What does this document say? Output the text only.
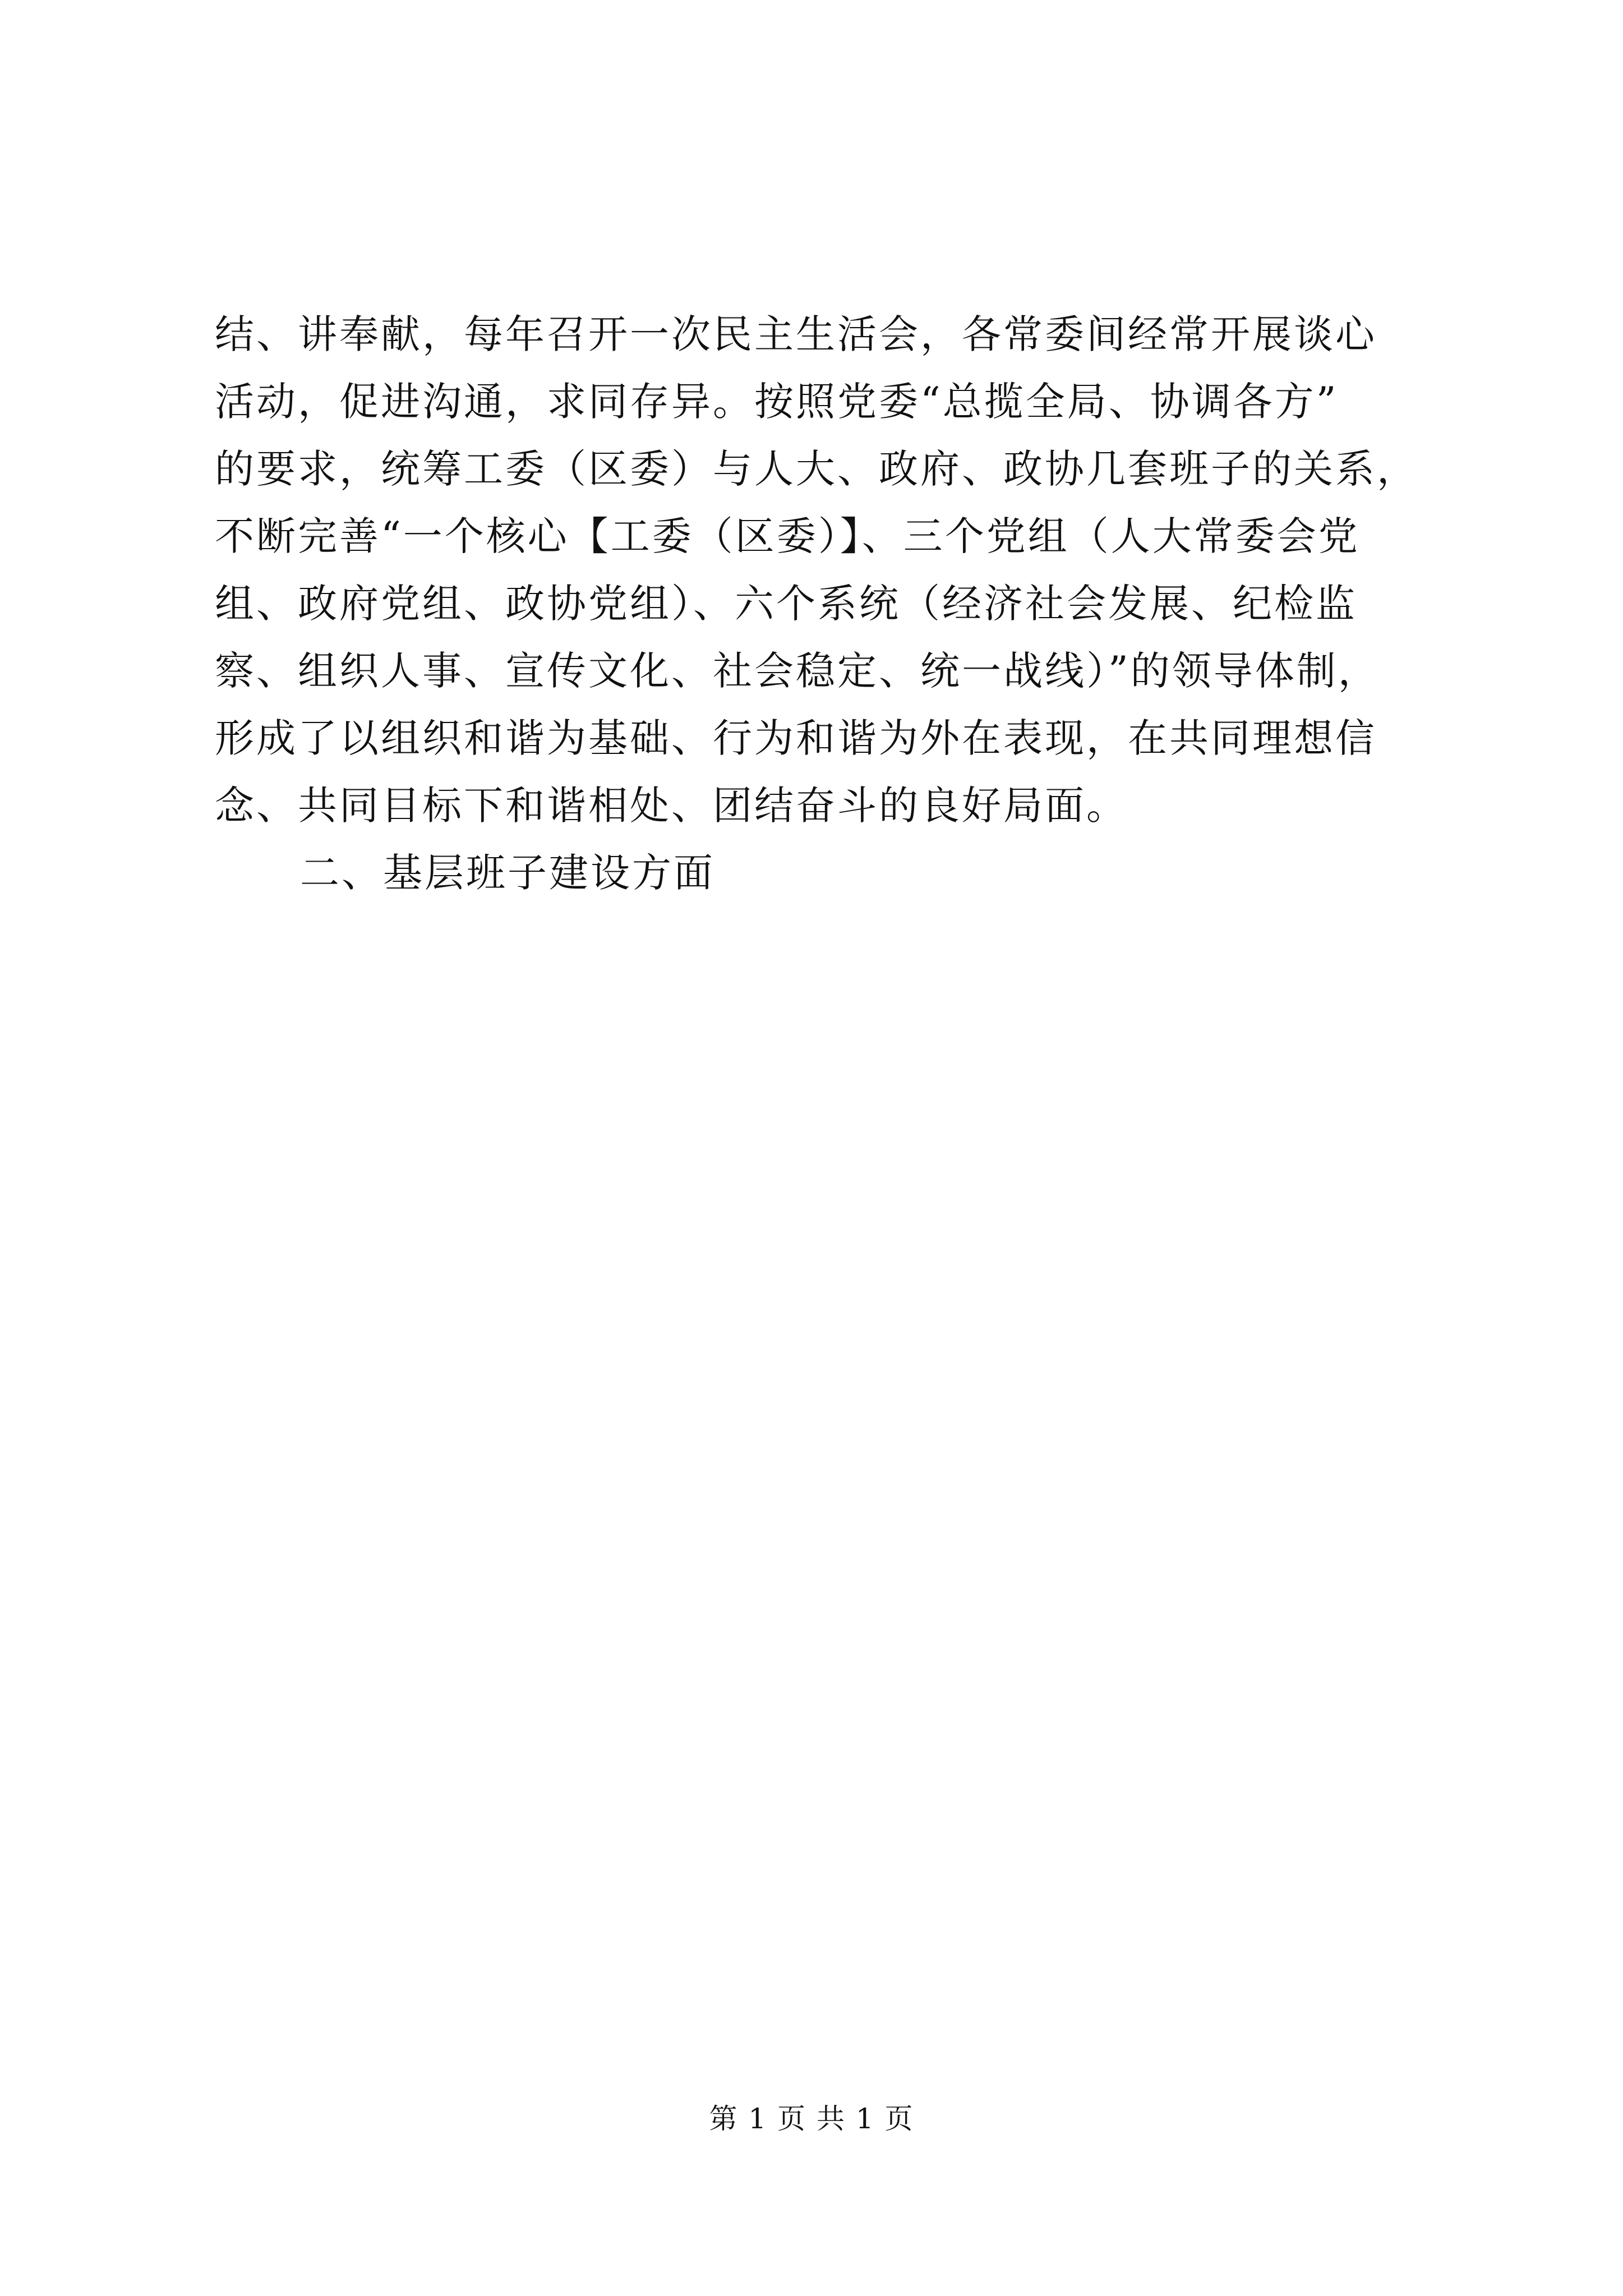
结、讲奉献，每年召开一次民主生活会，各常委间经常开展谈心
活动，促进沟通，求同存异。按照党委“总揽全局、协调各方”
的要求，统筹工委（区委）与人大、政府、政协几套班子的关系，
不断完善“一个核心【工委（区委）】、三个党组（人大常委会党
组、政府党组、政协党组）、六个系统（经济社会发展、纪检监
察、组织人事、宣传文化、社会稳定、统一战线）”的领导体制，
形成了以组织和谐为基础、行为和谐为外在表现，在共同理想信
念、共同目标下和谐相处、团结奋斗的良好局面。
二、基层班子建设方面
第 1 页 共 1 页
